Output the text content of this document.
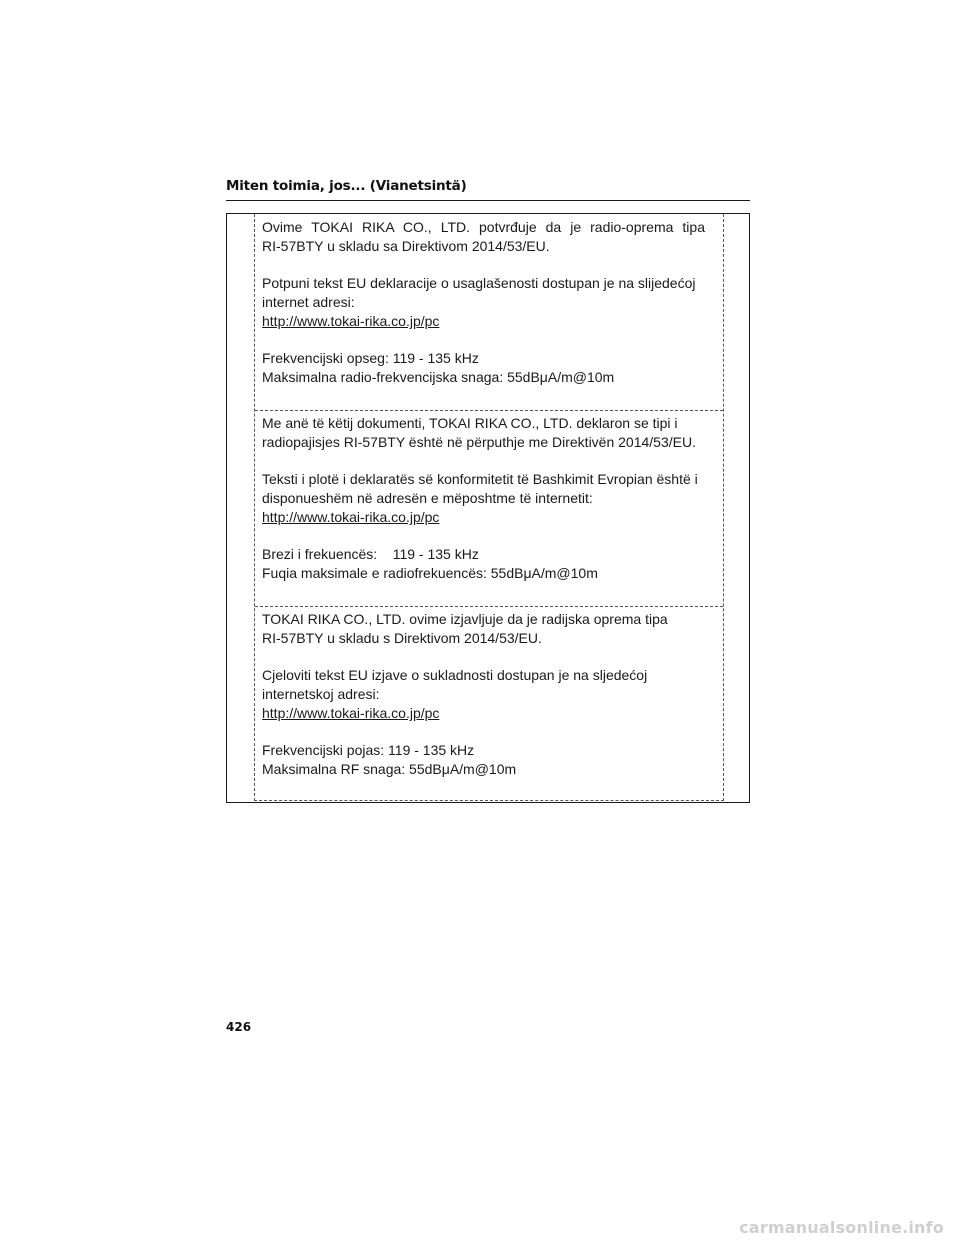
Miten toimia, jos... (Vianetsintä)

Ovime TOKAI RIKA CO., LTD. potvrđuje da je radio-oprema tipa
RI-57BTY u skladu sa Direktivom 2014/53/EU.

Potpuni tekst EU deklaracije o usaglašenosti dostupan je na slijedećoj
internet adresi:
http://www.tokai-rika.co.jp/pc

Frekvencijski opseg: 119 - 135 kHz
Maksimalna radio-frekvencijska snaga: 55dBμA/m@10m

Me anë të këtij dokumenti, TOKAI RIKA CO., LTD. deklaron se tipi i
radiopajisjes RI-57BTY është në përputhje me Direktivën 2014/53/EU.

Teksti i plotë i deklaratës së konformitetit të Bashkimit Evropian është i
disponueshëm në adresën e mëposhtme të internetit:
http://www.tokai-rika.co.jp/pc

Brezi i frekuencës:    119 - 135 kHz
Fuqia maksimale e radiofrekuencës: 55dBμA/m@10m

TOKAI RIKA CO., LTD. ovime izjavljuje da je radijska oprema tipa
RI-57BTY u skladu s Direktivom 2014/53/EU.

Cjeloviti tekst EU izjave o sukladnosti dostupan je na sljedećoj
internetskoj adresi:
http://www.tokai-rika.co.jp/pc

Frekvencijski pojas: 119 - 135 kHz
Maksimalna RF snaga: 55dBμA/m@10m

426
carmanualsonline.info
